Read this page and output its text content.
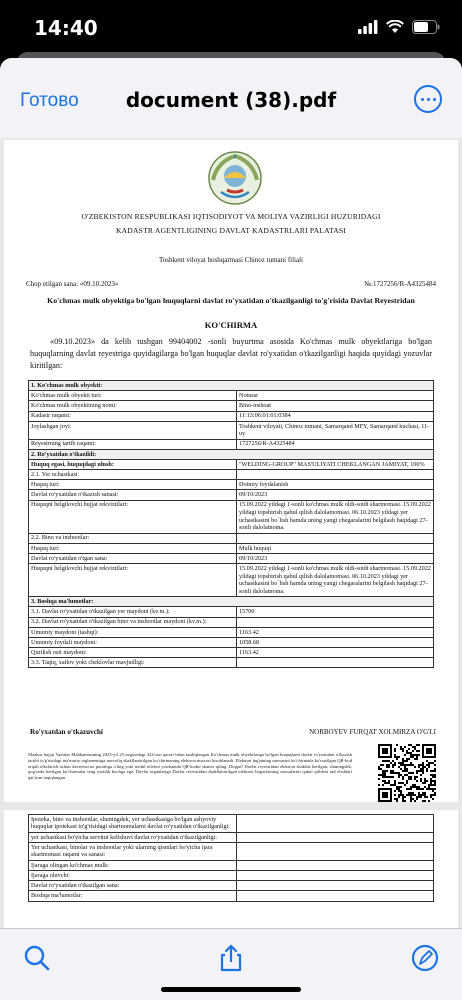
14:40
Готово	document (38).pdf
O'ZBEKISTON RESPUBLIKASI IQTISODIYOT VA MOLIYA VAZIRLIGI HUZURIDAGI
KADASTR AGENTLIGINING DAVLAT KADASTRLARI PALATASI
Toshkent viloyat boshqarmasi Chinoz tumani filiali
Chop etilgan sana: «09.10.2023»	№:1727256/R-A4325484
Ko'chmas mulk obyektiga bo'lgan huquqlarni davlat ro'yxatidan o'tkazilganligi to'g'risida Davlat Reyestridan
KO'CHIRMA
«09.10.2023» da kelib tushgan 99404002 -sonli buyurtma asosida Ko'chmas mulk obyektlariga bo'lgan huquqlarning davlat reyestriga quyidagilarga bo'lgan huquqlar davlat ro'yxatidan o'tkazilganligi haqida quyidagi yozuvlar kiritilgan:
1. Ko'chmas mulk obyekti:	
Ko'chmas mulk obyekti turi:	Noturar
Ko'chmas mulk obyektining nomi:	Bino-inshoat
Kadastr raqami:	11:13:06:01:01:0384
Joylashgan joyi:	Toshkent viloyati, Chinoz tumani, Samarqand MFY, Samarqand kuchasi, 11-uy
Reyestrning tartib raqami:	1727256/R-A4325484
2. Ro'yxatdan o'tkazildi:	
Huquq egasi, huquqdagi ulush:	"WELDING-GROUP" MAS'ULIYATI CHEKLANGAN JAMIYAT, 100%
2.1. Yer uchastkasi:	
Huquq turi:	Doimiy foydalanish
Davlat ro'yxatidan o'tkazish sanasi:	09/10/2023
Huquqni belgilovchi hujjat rekvizitlari:	15.09.2022 yildagi 1-sonli ko'chmas mulk oldi-sotdi shartnomasi. 15.09.2022 yildagi topshirish qabul qilish dalolatnomasi. 06.10.2023 yildagi yer uchastkasini bo`lish hamda uning yangi chegaralarini belgilash haqidagi 27-sonli dalolatnoma.
2.2. Bino va inshootlar:	
Huquq turi:	Mulk huquqi
Davlat ro'yxatidan o'tgan sana:	09/10/2023
Huquqni belgilovchi hujjat rekvizitlari:	15.09.2022 yildagi 1-sonli ko'chmas mulk oldi-sotdi shartnomasi. 15.09.2022 yildagi topshirish qabul qilish dalolatnomasi. 06.10.2023 yildagi yer uchastkasini bo`lish hamda uning yangi chegaralarini belgilash haqidagi 27-sonli dalolatnoma.
3. Boshqa ma'lumotlar:	
3.1. Davlat ro'yxatidan o'tkazilgan yer maydoni (kv.m.):	15700
3.2. Davlat ro'yxatidan o'tkazilgan bino va inshootlar maydoni (kv.m.):	
Umumiy maydoni (tashqi):	1163.42
Umumiy foydali maydoni:	1058.68
Qurilish osti maydoni:	1163.42
3.3. Taqiq, xatlov yoki cheklovlar mavjudligi:	
Ro'yxatdan o'tkazuvchi	NORBOYEV FURQAT XOLMIRZA O'G'LI
Mazkur hujjat Vazirlar Mahkamasining 2023-yil 25-avgustdagi 424-son qarori bilan tasdiqlangan Ko'chmas mulk obyektlariga bo'lgan huquqlarni davlat ro'yxatidan o'tkazish tartibi to'g'risidagi ma'muriy reglamentiga muvofiq shakllantirilgan ko'chirmaning elektron nusxasi hisoblanadi. Elektron hujjatning nusxasini ko'chirmada ko'rsatilgan QR-kod orqali tekshirish uchun davreestr.uz portaliga o'ting yoki mobil telefon yordamida QR-kodni skaner qiling. Diqqat! Davlat reyestridan elektron shaklda berilgan, shuningdek, qog'ozda berilgan ko'chirmalar teng yuridik kuchga ega. Davlat organlariga Davlat reyestridan shakllantirilgan elektron hujjatlarning nusxalarini qabul qilishni rad etishlari qat'iyan taqiqlangan.
Ipoteka, bino va inshootlar, shuningdek, yer uchastkasiga bo'lgan ashyoviy huquqlar ipotekasi to'g'risidagi shartnomalarni davlat ro'yxatidan o'tkazilganligi:	
yer uchastkasi bo'yicha servitut kelishuvi davlat ro'yxatidan o'tkazilganligi:	
Yer uchastkasi, binolar va inshootlar yoki ularning qismlari bo'yicha ijara shartnomasi raqami va sanasi:	
Ijaraga olingan ko'chmas mulk:	
Ijaraga oluvchi:	
Davlat ro'yxatidan o'tkazilgan sana:	
Boshqa ma'lumotlar:	
